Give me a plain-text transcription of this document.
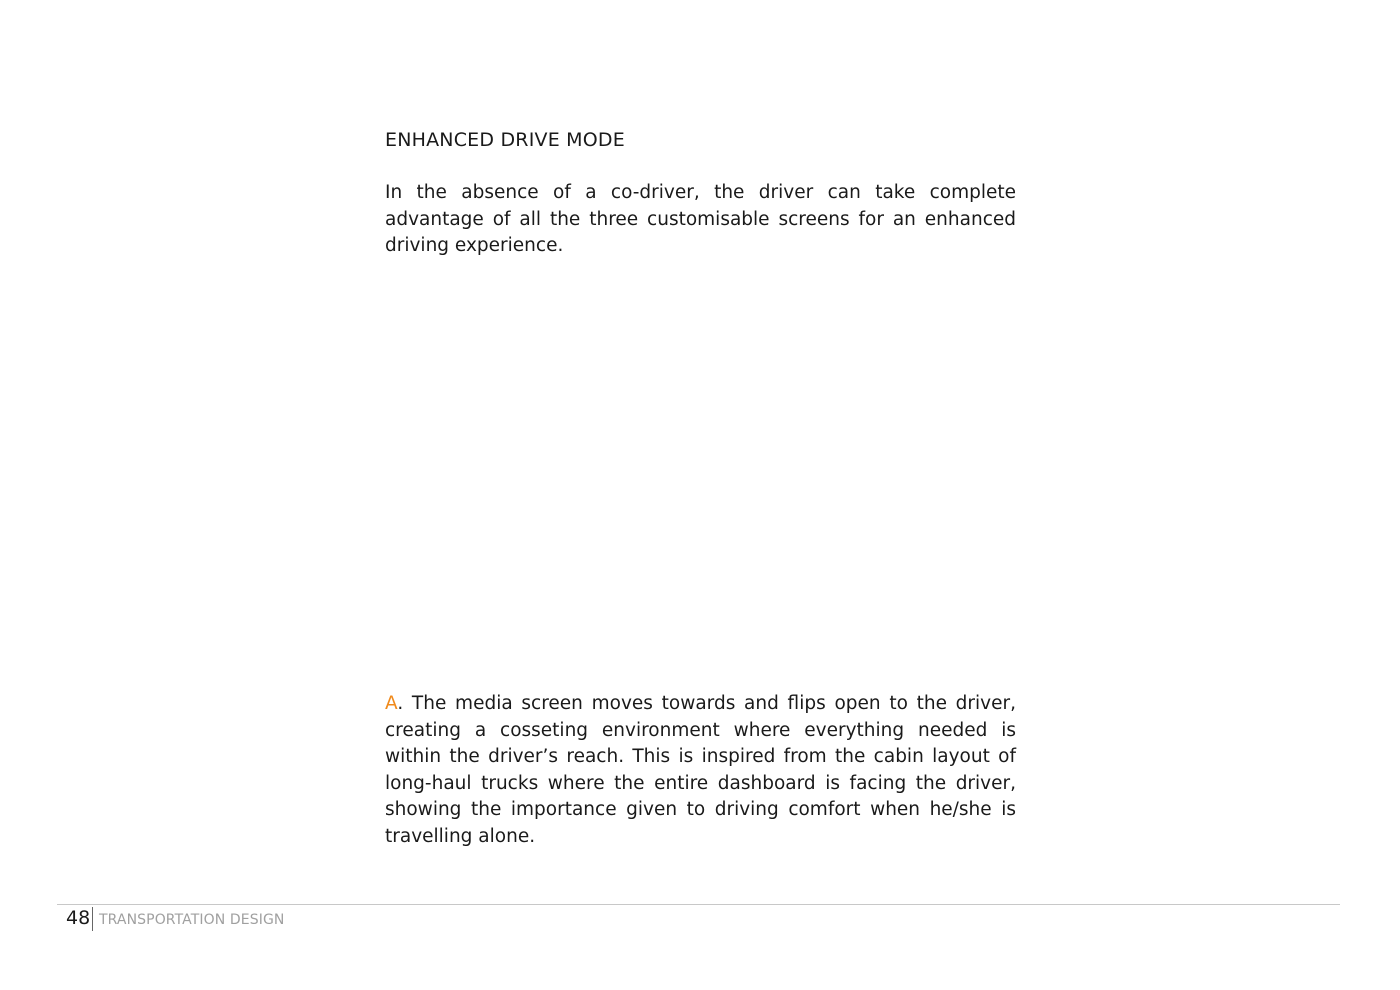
ENHANCED DRIVE MODE

In the absence of a co-driver, the driver can take complete advantage of all the three customisable screens for an enhanced driving experience.

A. The media screen moves towards and flips open to the driver, creating a cosseting environment where everything needed is within the driver’s reach. This is inspired from the cabin layout of long-haul trucks where the entire dashboard is facing the driver, showing the importance given to driving comfort when he/she is travelling alone.

48 TRANSPORTATION DESIGN
